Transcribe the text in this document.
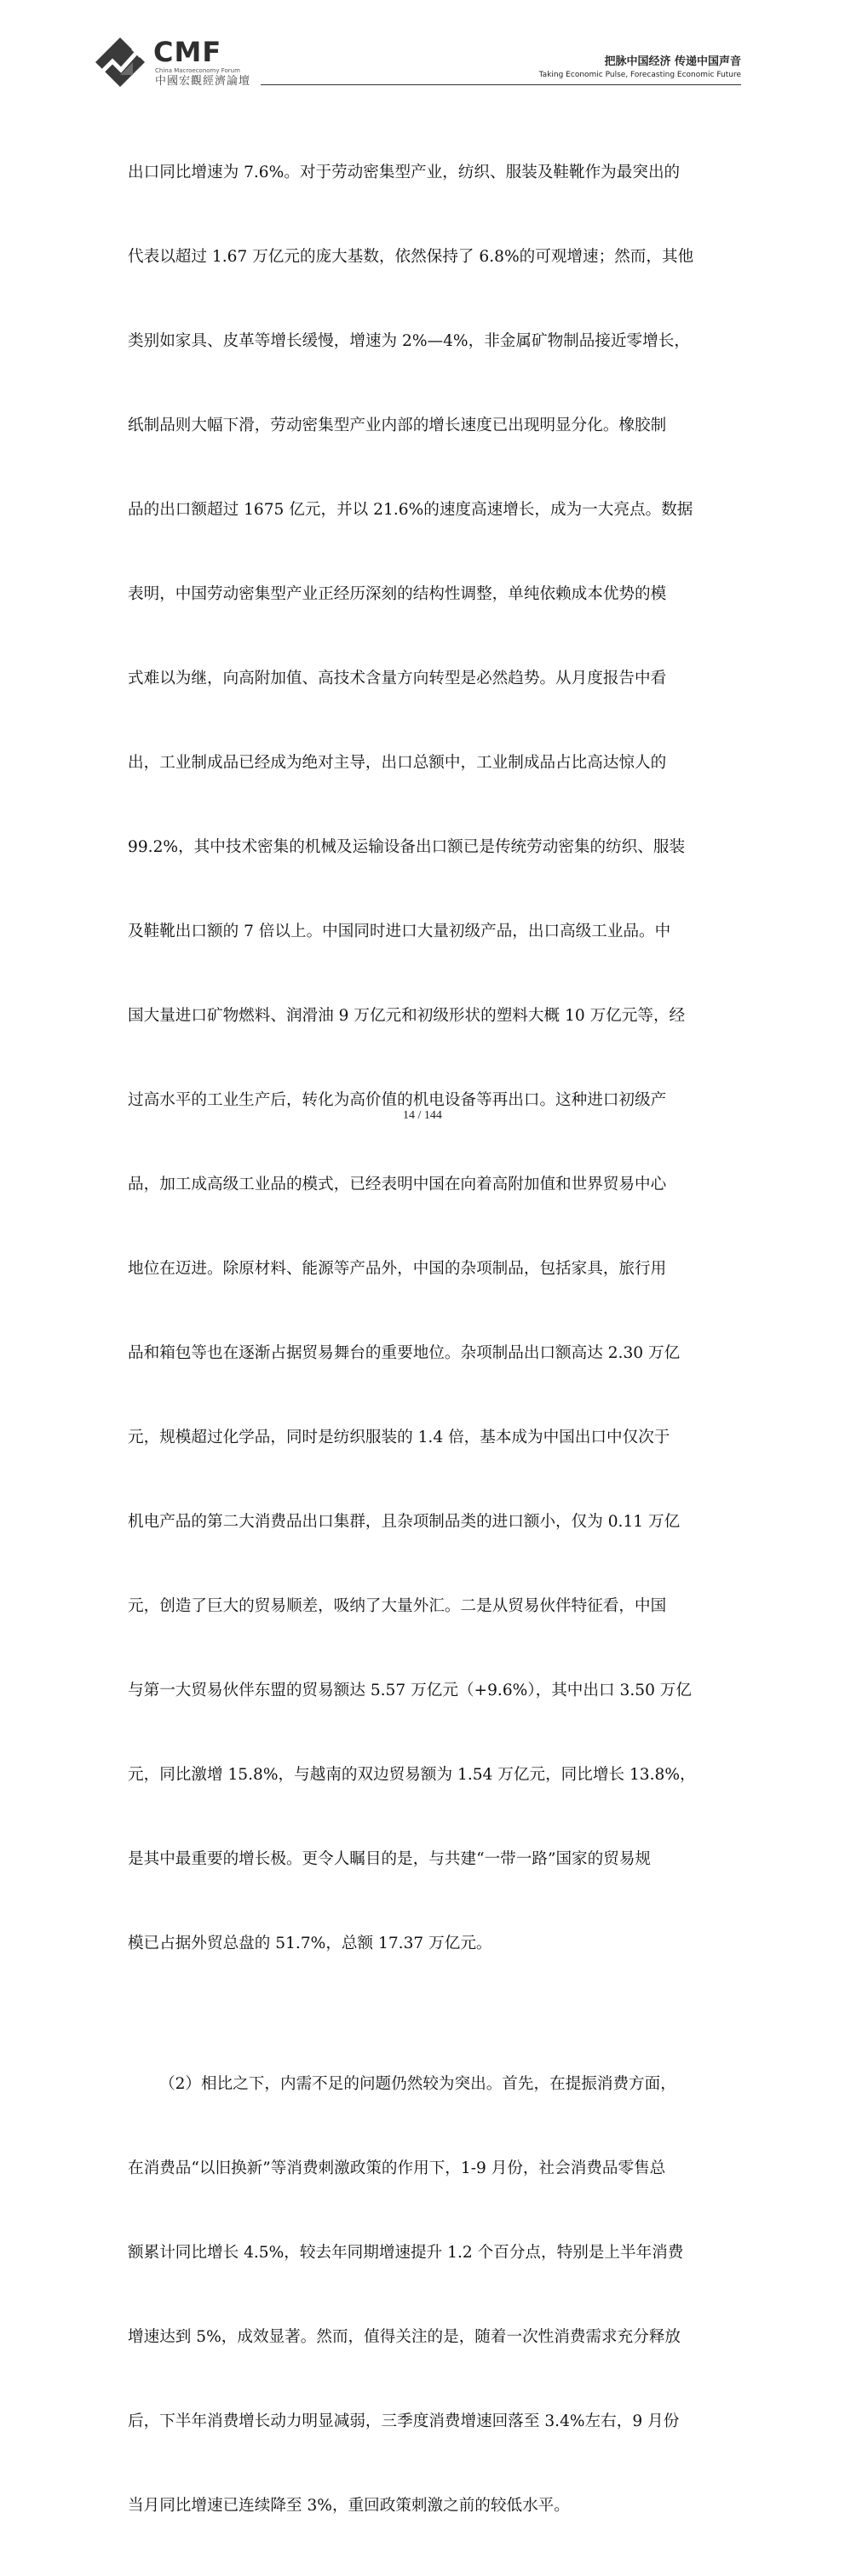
CMF
China Macroeconomy Forum
中國宏觀經濟論壇
把脉中国经济 传递中国声音
Taking Economic Pulse, Forecasting Economic Future

出口同比增速为 7.6%。对于劳动密集型产业，纺织、服装及鞋靴作为最突出的

代表以超过 1.67 万亿元的庞大基数，依然保持了 6.8%的可观增速；然而，其他

类别如家具、皮革等增长缓慢，增速为 2%—4%，非金属矿物制品接近零增长，

纸制品则大幅下滑，劳动密集型产业内部的增长速度已出现明显分化。橡胶制

品的出口额超过 1675 亿元，并以 21.6%的速度高速增长，成为一大亮点。数据

表明，中国劳动密集型产业正经历深刻的结构性调整，单纯依赖成本优势的模

式难以为继，向高附加值、高技术含量方向转型是必然趋势。从月度报告中看

出，工业制成品已经成为绝对主导，出口总额中，工业制成品占比高达惊人的

99.2%，其中技术密集的机械及运输设备出口额已是传统劳动密集的纺织、服装

及鞋靴出口额的 7 倍以上。中国同时进口大量初级产品，出口高级工业品。中

国大量进口矿物燃料、润滑油 9 万亿元和初级形状的塑料大概 10 万亿元等，经

过高水平的工业生产后，转化为高价值的机电设备等再出口。这种进口初级产

品，加工成高级工业品的模式，已经表明中国在向着高附加值和世界贸易中心

地位在迈进。除原材料、能源等产品外，中国的杂项制品，包括家具，旅行用

品和箱包等也在逐渐占据贸易舞台的重要地位。杂项制品出口额高达 2.30 万亿

元，规模超过化学品，同时是纺织服装的 1.4 倍，基本成为中国出口中仅次于

机电产品的第二大消费品出口集群，且杂项制品类的进口额小，仅为 0.11 万亿

元，创造了巨大的贸易顺差，吸纳了大量外汇。二是从贸易伙伴特征看，中国

与第一大贸易伙伴东盟的贸易额达 5.57 万亿元（+9.6%），其中出口 3.50 万亿

元，同比激增 15.8%，与越南的双边贸易额为 1.54 万亿元，同比增长 13.8%，

是其中最重要的增长极。更令人瞩目的是，与共建“一带一路”国家的贸易规

模已占据外贸总盘的 51.7%，总额 17.37 万亿元。

（2）相比之下，内需不足的问题仍然较为突出。首先，在提振消费方面，

在消费品“以旧换新”等消费刺激政策的作用下，1-9 月份，社会消费品零售总

额累计同比增长 4.5%，较去年同期增速提升 1.2 个百分点，特别是上半年消费

增速达到 5%，成效显著。然而，值得关注的是，随着一次性消费需求充分释放

后，下半年消费增长动力明显减弱，三季度消费增速回落至 3.4%左右，9 月份

当月同比增速已连续降至 3%，重回政策刺激之前的较低水平。

14 / 144
